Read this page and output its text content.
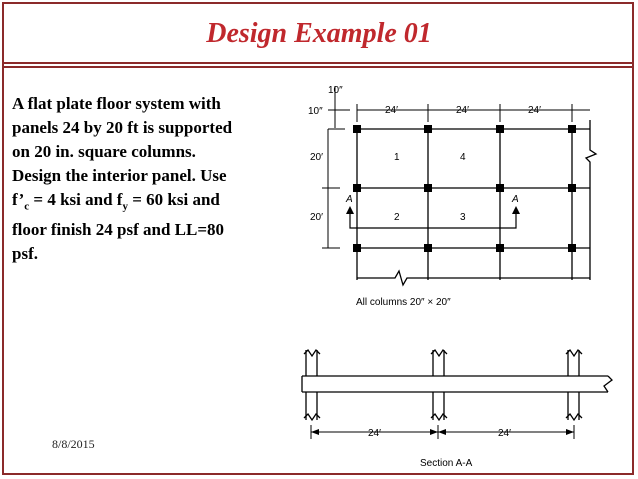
Design Example 01
A flat plate floor system with
panels 24 by 20 ft is supported
on 20 in. square columns.
Design the interior panel. Use
$f’_c = 4$ ksi and $f_y = 60$ ksi and
floor finish 24 psf and LL=80
psf.
10″
10″	24′	24′	24′
20′
20′
1
2	3
4
A	A
All columns 20″ × 20″
24′	24′
Section A-A
8/8/2015
